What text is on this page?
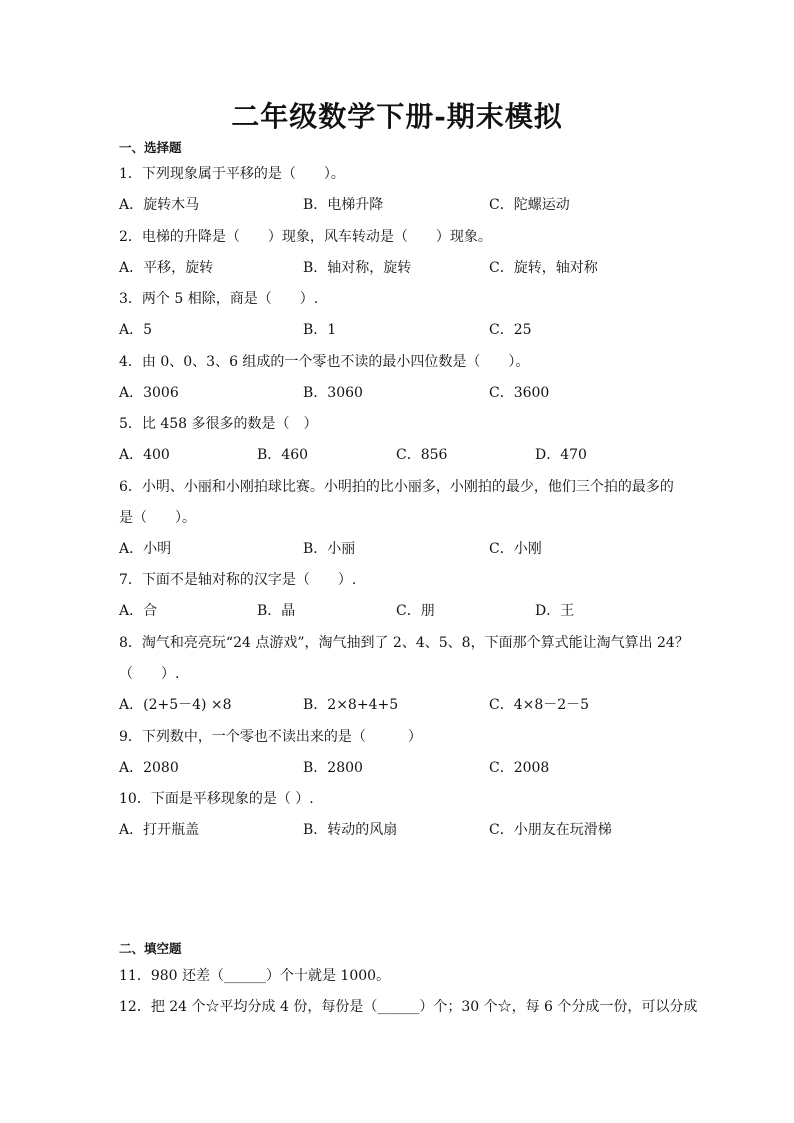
二年级数学下册-期末模拟
一、选择题
1．下列现象属于平移的是（　　）。
A．旋转木马	B．电梯升降	C．陀螺运动
2．电梯的升降是（　　）现象，风车转动是（　　）现象。
A．平移，旋转	B．轴对称，旋转	C．旋转，轴对称
3．两个 5 相除，商是（　　）.
A．5	B．1	C．25
4．由 0、0、3、6 组成的一个零也不读的最小四位数是（　　）。
A．3006	B．3060	C．3600
5．比 458 多很多的数是（　）
A．400	B．460	C．856	D．470
6．小明、小丽和小刚拍球比赛。小明拍的比小丽多，小刚拍的最少，他们三个拍的最多的
是（　　）。
A．小明	B．小丽	C．小刚
7．下面不是轴对称的汉字是（　　）.
A．合	B．晶	C．朋	D．王
8．淘气和亮亮玩“24 点游戏”，淘气抽到了 2、4、5、8，下面那个算式能让淘气算出 24？
（　　）.
A．(2+5－4) ×8	B．2×8+4+5	C．4×8－2－5
9．下列数中，一个零也不读出来的是（　　　）
A．2080	B．2800	C．2008
10．下面是平移现象的是（ ）.
A．打开瓶盖	B．转动的风扇	C．小朋友在玩滑梯
二、填空题
11．980 还差（______）个十就是 1000。
12．把 24 个☆平均分成 4 份，每份是（______）个；30 个☆，每 6 个分成一份，可以分成
